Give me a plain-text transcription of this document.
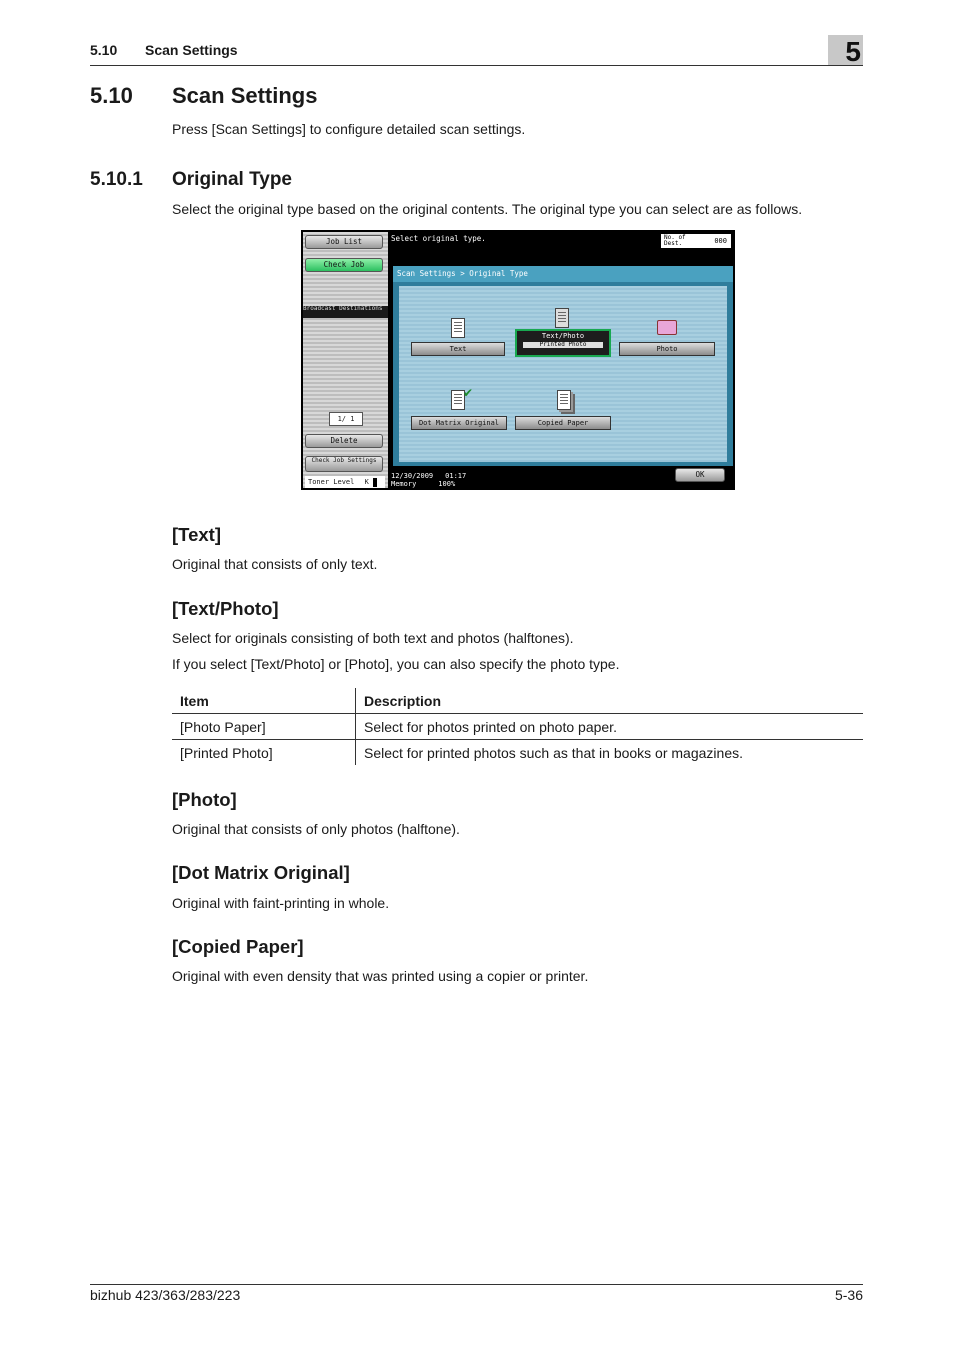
5.10 Scan Settings	5
5.10 Scan Settings
Press [Scan Settings] to configure detailed scan settings.
5.10.1 Original Type
Select the original type based on the original contents. The original type you can select are as follows.
Job List
Check Job
Broadcast Destinations
1/ 1
Delete
Check Job Settings
Toner Level K
Select original type.	No. of Dest.	000
Scan Settings > Original Type
Text
Text/Photo
Printed Photo
Photo
✔
Dot Matrix Original	Copied Paper
12/30/2009 01:17
Memory	100%
OK
[Text]
Original that consists of only text.
[Text/Photo]
Select for originals consisting of both text and photos (halftones).
If you select [Text/Photo] or [Photo], you can also specify the photo type.
Item	Description
[Photo Paper]	Select for photos printed on photo paper.
[Printed Photo]	Select for printed photos such as that in books or magazines.
[Photo]
Original that consists of only photos (halftone).
[Dot Matrix Original]
Original with faint-printing in whole.
[Copied Paper]
Original with even density that was printed using a copier or printer.
bizhub 423/363/283/223	5-36
